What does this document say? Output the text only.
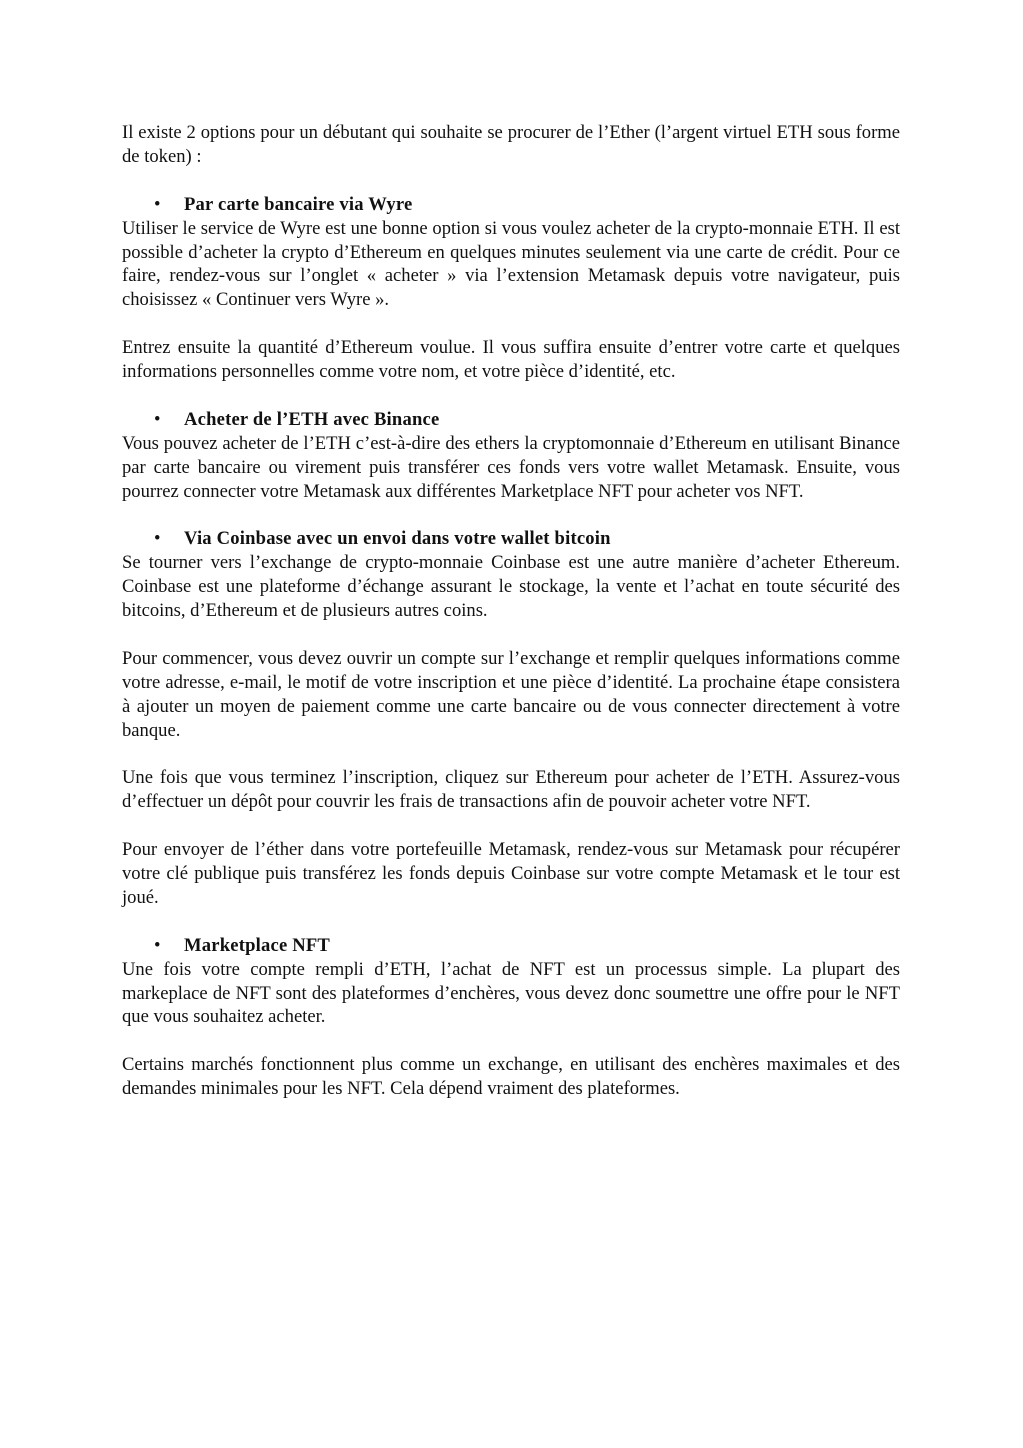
Il existe 2 options pour un débutant qui souhaite se procurer de l’Ether (l’argent virtuel ETH sous forme de token) :

• Par carte bancaire via Wyre

Utiliser le service de Wyre est une bonne option si vous voulez acheter de la crypto-monnaie ETH. Il est possible d’acheter la crypto d’Ethereum en quelques minutes seulement via une carte de crédit. Pour ce faire, rendez-vous sur l’onglet « acheter » via l’extension Metamask depuis votre navigateur, puis choisissez « Continuer vers Wyre ».

Entrez ensuite la quantité d’Ethereum voulue. Il vous suffira ensuite d’entrer votre carte et quelques informations personnelles comme votre nom, et votre pièce d’identité, etc.

• Acheter de l’ETH avec Binance

Vous pouvez acheter de l’ETH c’est-à-dire des ethers la cryptomonnaie d’Ethereum en utilisant Binance par carte bancaire ou virement puis transférer ces fonds vers votre wallet Metamask. Ensuite, vous pourrez connecter votre Metamask aux différentes Marketplace NFT pour acheter vos NFT.

• Via Coinbase avec un envoi dans votre wallet bitcoin

Se tourner vers l’exchange de crypto-monnaie Coinbase est une autre manière d’acheter Ethereum. Coinbase est une plateforme d’échange assurant le stockage, la vente et l’achat en toute sécurité des bitcoins, d’Ethereum et de plusieurs autres coins.

Pour commencer, vous devez ouvrir un compte sur l’exchange et remplir quelques informations comme votre adresse, e-mail, le motif de votre inscription et une pièce d’identité. La prochaine étape consistera à ajouter un moyen de paiement comme une carte bancaire ou de vous connecter directement à votre banque.

Une fois que vous terminez l’inscription, cliquez sur Ethereum pour acheter de l’ETH. Assurez-vous d’effectuer un dépôt pour couvrir les frais de transactions afin de pouvoir acheter votre NFT.

Pour envoyer de l’éther dans votre portefeuille Metamask, rendez-vous sur Metamask pour récupérer votre clé publique puis transférez les fonds depuis Coinbase sur votre compte Metamask et le tour est joué.

• Marketplace NFT

Une fois votre compte rempli d’ETH, l’achat de NFT est un processus simple. La plupart des markeplace de NFT sont des plateformes d’enchères, vous devez donc soumettre une offre pour le NFT que vous souhaitez acheter.

Certains marchés fonctionnent plus comme un exchange, en utilisant des enchères maximales et des demandes minimales pour les NFT. Cela dépend vraiment des plateformes.
